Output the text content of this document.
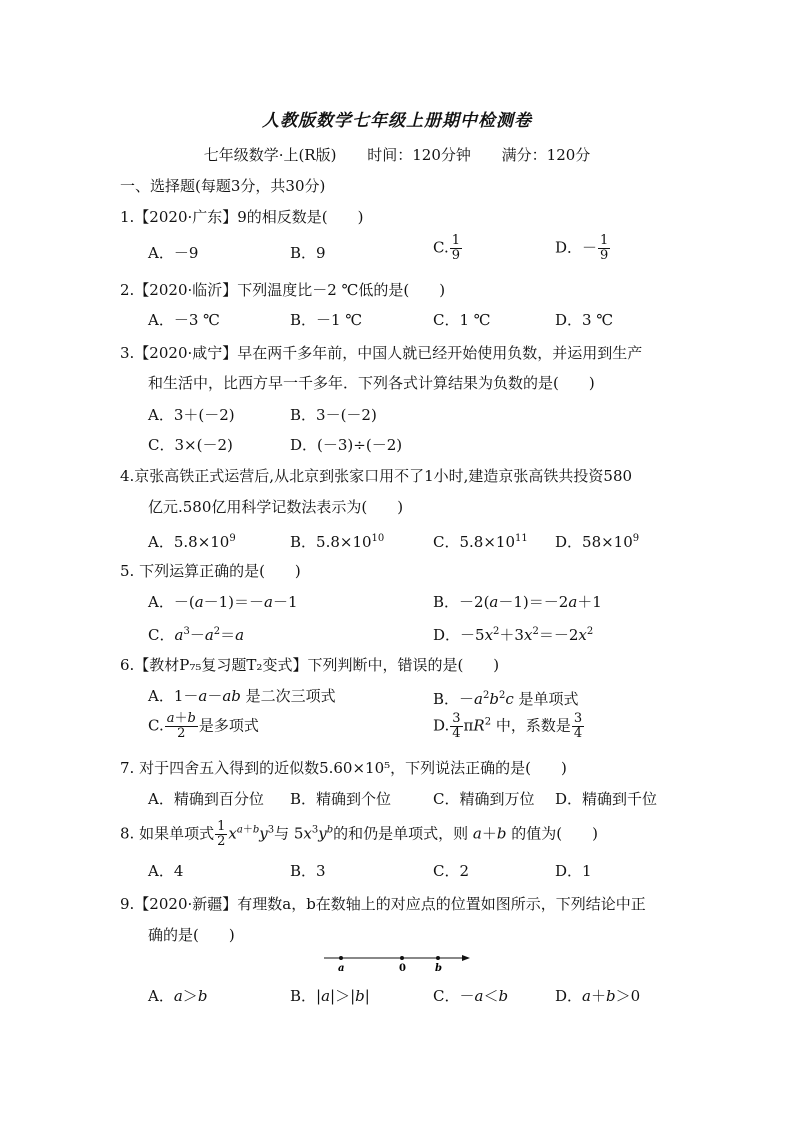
人教版数学七年级上册期中检测卷
七年级数学·上(R版) 时间：120分钟 满分：120分
一、选择题(每题3分，共30分)
1.【2020·广东】9的相反数是(　　)
A．－9	B．9	C. $\frac{1}{9}$	D．－ $\frac{1}{9}$
2.【2020·临沂】下列温度比－2 ℃低的是(　　)
A．－3 ℃	B．－1 ℃	C．1 ℃	D．3 ℃
3.【2020·咸宁】早在两千多年前，中国人就已经开始使用负数，并运用到生产
和生活中，比西方早一千多年．下列各式计算结果为负数的是(　　)
A．3＋(－2)	B．3－(－2)
C．3×(－2)	D．(－3)÷(－2)
4.京张高铁正式运营后,从北京到张家口用不了1小时,建造京张高铁共投资580
亿元.580亿用科学记数法表示为(　　)
A．$5.8\times 10^9$	B．$5.8\times 10^{10}$	C．$5.8\times 10^{11}$ D．$58\times 10^9$
5. 下列运算正确的是(　　)
A．－(a－1)＝－a－1	B．－2(a－1)＝－2a＋1
C．$a^3-a^2=a$	D．$-5x^2+3x^2=-2x^2$
6.【教材P₇₅复习题T₂变式】下列判断中，错误的是(　　)
A．1－a－ab 是二次三项式	B．$-a^2b^2c$ 是单项式
C. $\frac{a+b}{2}$ 是多项式	D. $\frac{3}{4} \pi R^2$ 中，系数是 $\frac{3}{4}$
7. 对于四舍五入得到的近似数5.60×10⁵，下列说法正确的是(　　)
A．精确到百分位 B．精确到个位	C．精确到万位 D．精确到千位
8. 如果单项式 $\frac{1}{2} x^{a+b}y^3$与 $5x^3y^b$的和仍是单项式，则 a＋b 的值为(　　)
A．4	B．3	C．2	D．1
9.【2020·新疆】有理数a，b在数轴上的对应点的位置如图所示，下列结论中正
确的是(　　)
a	0	b
A．a＞b	B．|a|＞|b|	C．－a＜b	D．a＋b＞0
